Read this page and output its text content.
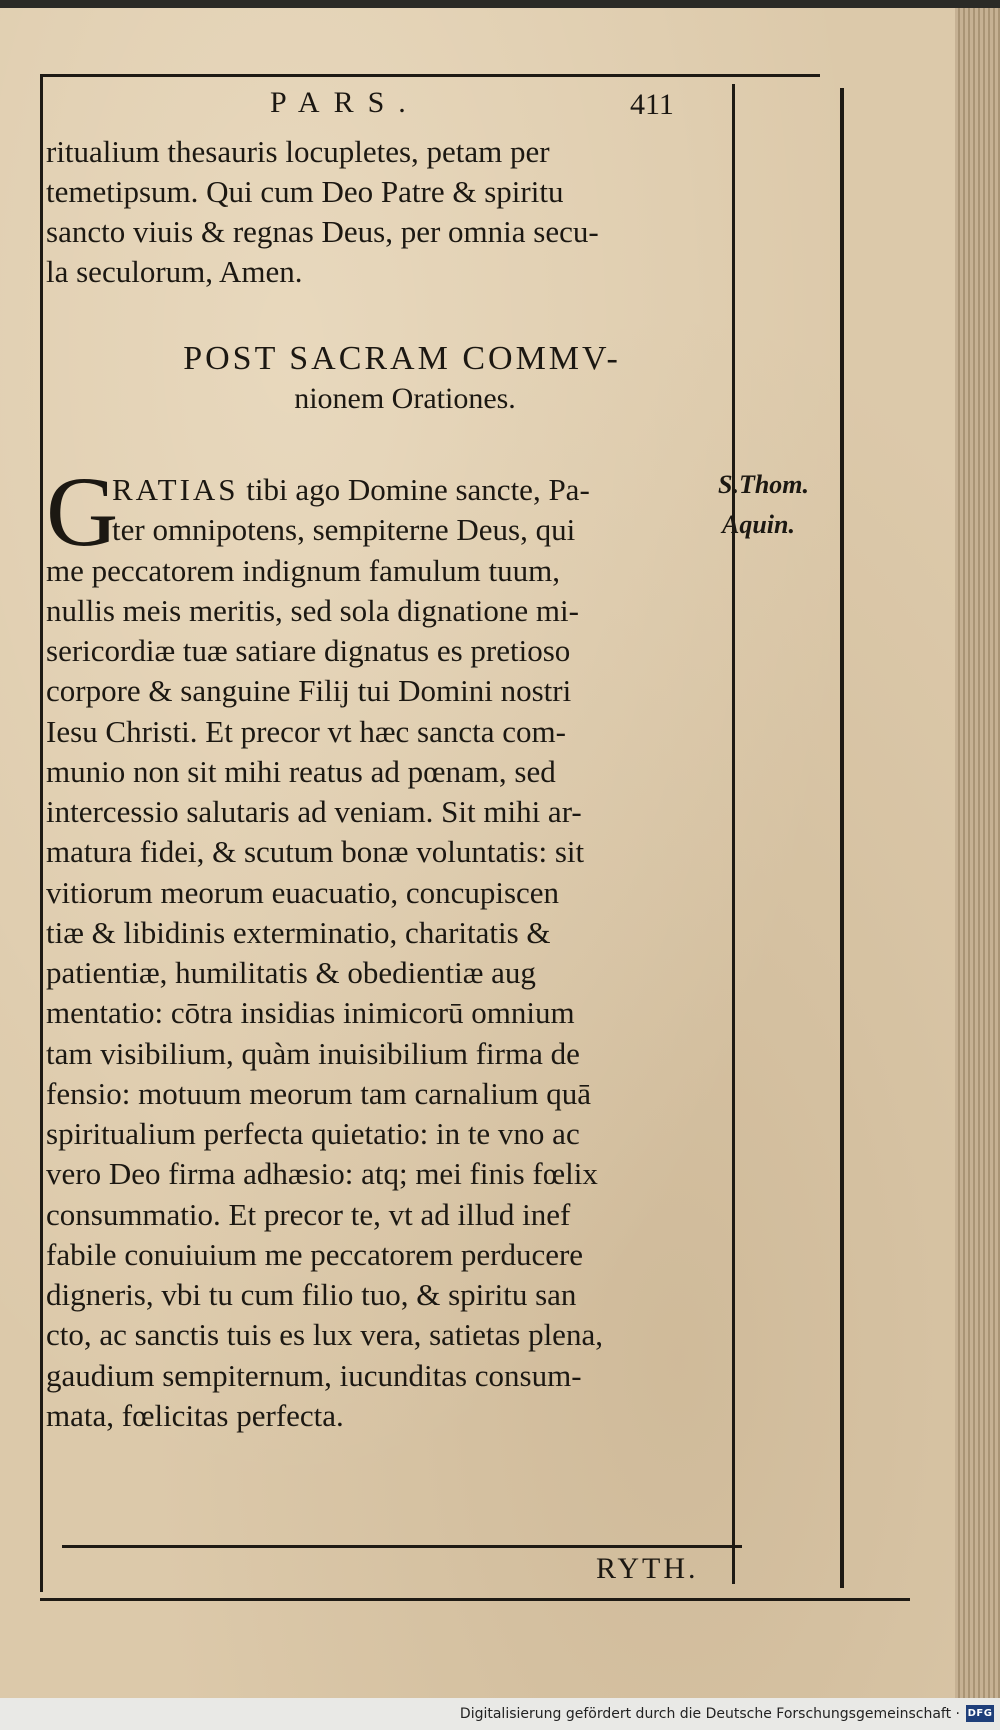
PARS.	411
ritualium thesauris locupletes, petam per
temetipsum. Qui cum Deo Patre & spiritu
sancto viuis & regnas Deus, per omnia secu-
la seculorum, Amen.
POST SACRAM COMMV-
nionem Orationes.
G
RATIAS tibi ago Domine sancte, Pa-
ter omnipotens, sempiterne Deus, qui
me peccatorem indignum famulum tuum,
nullis meis meritis, sed sola dignatione mi-
sericordiæ tuæ satiare dignatus es pretioso
corpore & sanguine Filij tui Domini nostri
Iesu Christi. Et precor vt hæc sancta com-
munio non sit mihi reatus ad pœnam, sed
intercessio salutaris ad veniam. Sit mihi ar-
matura fidei, & scutum bonæ voluntatis: sit
vitiorum meorum euacuatio, concupiscen
tiæ & libidinis exterminatio, charitatis &
patientiæ, humilitatis & obedientiæ aug
mentatio: cōtra insidias inimicorū omnium
tam visibilium, quàm inuisibilium firma de
fensio: motuum meorum tam carnalium quā
spiritualium perfecta quietatio: in te vno ac
vero Deo firma adhæsio: atq; mei finis fœlix
consummatio. Et precor te, vt ad illud inef
fabile conuiuium me peccatorem perducere
digneris, vbi tu cum filio tuo, & spiritu san
cto, ac sanctis tuis es lux vera, satietas plena,
gaudium sempiternum, iucunditas consum-
mata, fœlicitas perfecta.
S.Thom.
Aquin.
RYTH.
Digitalisierung gefördert durch die Deutsche Forschungsgemeinschaft · DFG
